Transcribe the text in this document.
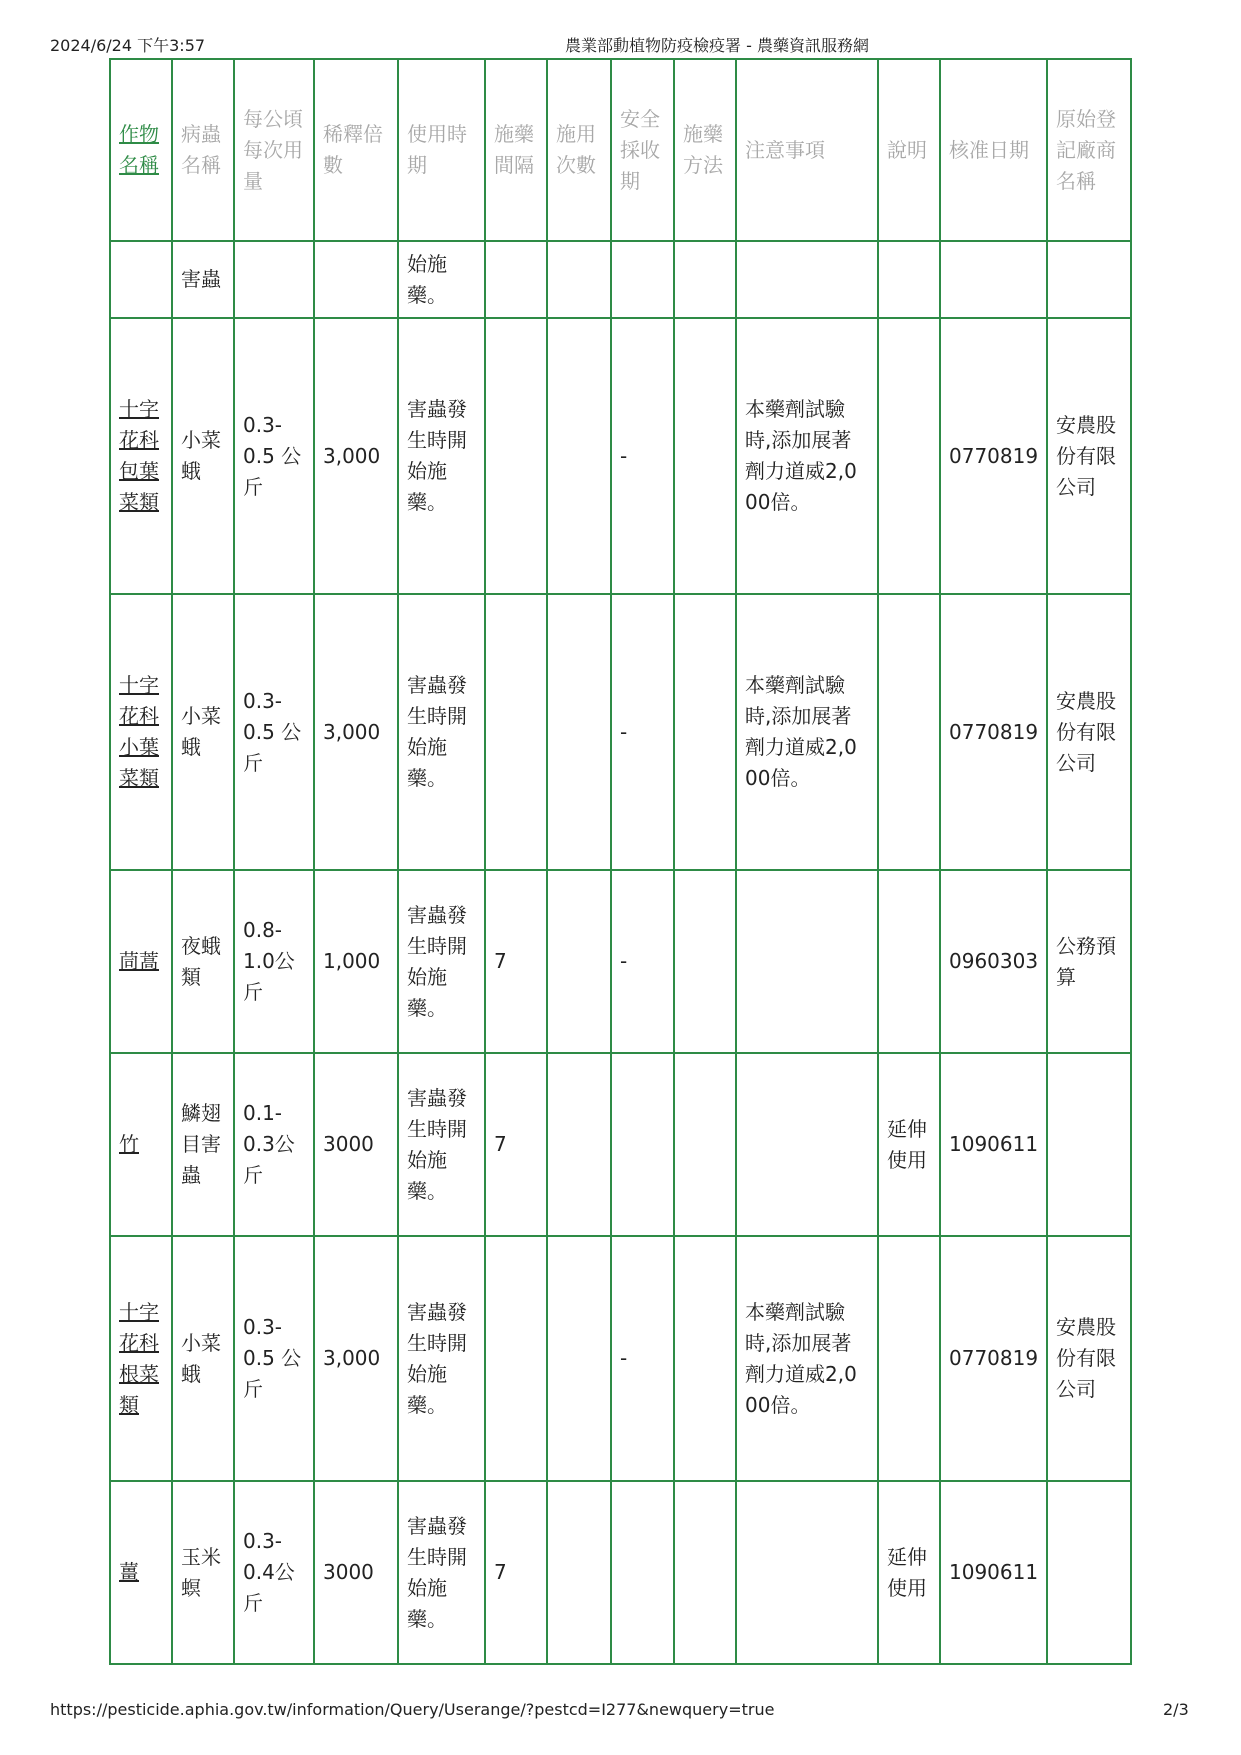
2024/6/24 下午3:57	農業部動植物防疫檢疫署 - 農藥資訊服務網
作物名稱	病蟲名稱	每公頃每次用量	稀釋倍數	使用時期	施藥間隔	施用次數	安全採收期	施藥方法	注意事項	說明	核准日期	原始登記廠商名稱
	害蟲			始施藥。								
十字花科包葉菜類	小菜蛾	0.3-0.5 公斤	3,000	害蟲發生時開始施藥。			-		本藥劑試驗時,添加展著劑力道威2,000倍。		0770819	安農股份有限公司
十字花科小葉菜類	小菜蛾	0.3-0.5 公斤	3,000	害蟲發生時開始施藥。			-		本藥劑試驗時,添加展著劑力道威2,000倍。		0770819	安農股份有限公司
茼蒿	夜蛾類	0.8-1.0公斤	1,000	害蟲發生時開始施藥。	7		-				0960303	公務預算
竹	鱗翅目害蟲	0.1-0.3公斤	3000	害蟲發生時開始施藥。	7					延伸使用	1090611	
十字花科根菜類	小菜蛾	0.3-0.5 公斤	3,000	害蟲發生時開始施藥。			-		本藥劑試驗時,添加展著劑力道威2,000倍。		0770819	安農股份有限公司
薑	玉米螟	0.3-0.4公斤	3000	害蟲發生時開始施藥。	7					延伸使用	1090611	
https://pesticide.aphia.gov.tw/information/Query/Userange/?pestcd=I277&newquery=true	2/3
